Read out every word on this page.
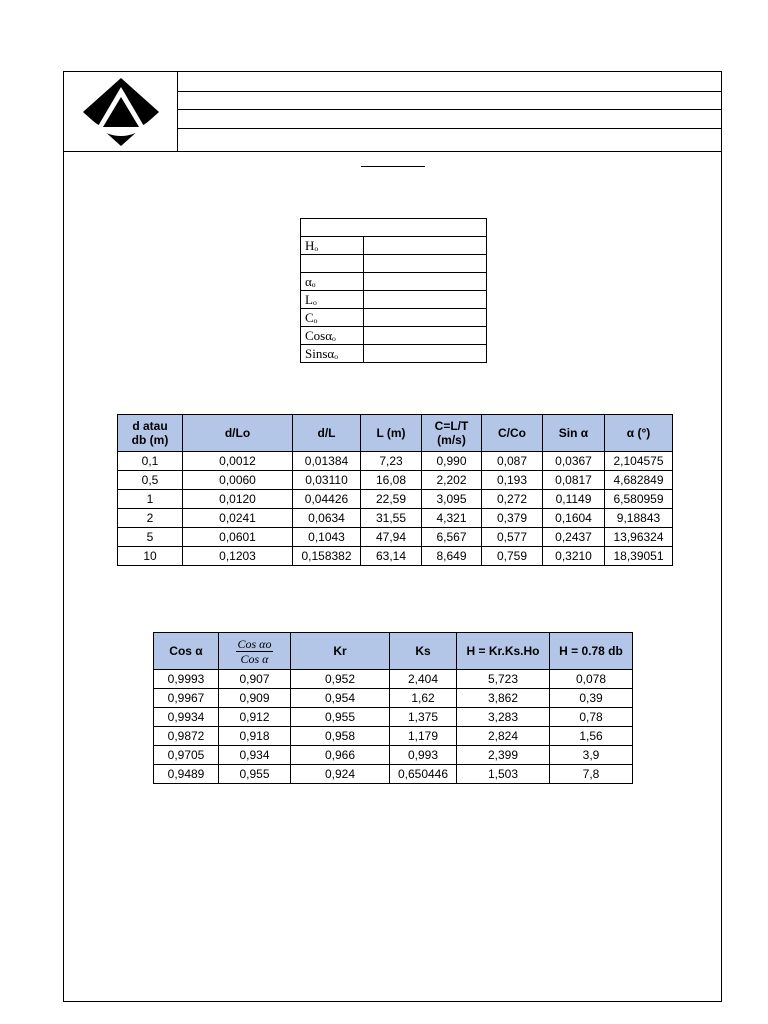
Hₒ	

αₒ	
Lₒ	
Cₒ	
Cosαₒ	
Sinsαₒ	
d atau db (m)	d/Lo	d/L	L (m)	C=L/T (m/s)	C/Co	Sin α	α (°)
0,1	0,0012	0,01384	7,23	0,990	0,087	0,0367	2,104575
0,5	0,0060	0,03110	16,08	2,202	0,193	0,0817	4,682849
1	0,0120	0,04426	22,59	3,095	0,272	0,1149	6,580959
2	0,0241	0,0634	31,55	4,321	0,379	0,1604	9,18843
5	0,0601	0,1043	47,94	6,567	0,577	0,2437	13,96324
10	0,1203	0,158382	63,14	8,649	0,759	0,3210	18,39051
Cos α	$\frac{\text{Cos αo}}{\text{Cos α}}$	Kr	Ks	H = Kr.Ks.Ho	H = 0.78 db
0,9993	0,907	0,952	2,404	5,723	0,078
0,9967	0,909	0,954	1,62	3,862	0,39
0,9934	0,912	0,955	1,375	3,283	0,78
0,9872	0,918	0,958	1,179	2,824	1,56
0,9705	0,934	0,966	0,993	2,399	3,9
0,9489	0,955	0,924	0,650446	1,503	7,8
